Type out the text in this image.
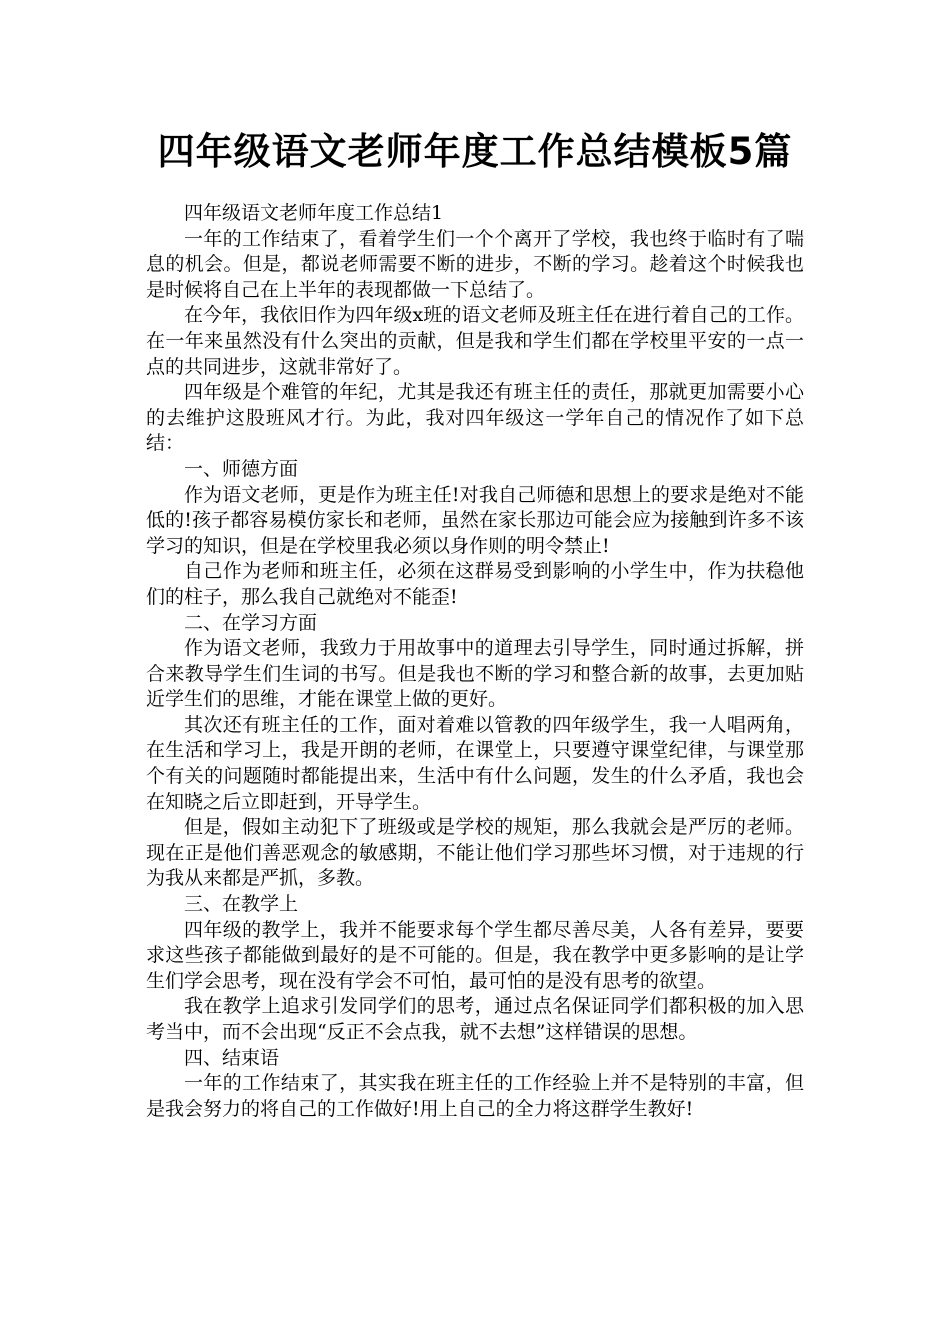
四年级语文老师年度工作总结模板5篇

四年级语文老师年度工作总结1

一年的工作结束了，看着学生们一个个离开了学校，我也终于临时有了喘息的机会。但是，都说老师需要不断的进步，不断的学习。趁着这个时候我也是时候将自己在上半年的表现都做一下总结了。

在今年，我依旧作为四年级x班的语文老师及班主任在进行着自己的工作。在一年来虽然没有什么突出的贡献，但是我和学生们都在学校里平安的一点一点的共同进步，这就非常好了。

四年级是个难管的年纪，尤其是我还有班主任的责任，那就更加需要小心的去维护这股班风才行。为此，我对四年级这一学年自己的情况作了如下总结：

一、师德方面

作为语文老师，更是作为班主任!对我自己师德和思想上的要求是绝对不能低的!孩子都容易模仿家长和老师，虽然在家长那边可能会应为接触到许多不该学习的知识，但是在学校里我必须以身作则的明令禁止!

自己作为老师和班主任，必须在这群易受到影响的小学生中，作为扶稳他们的柱子，那么我自己就绝对不能歪!

二、在学习方面

作为语文老师，我致力于用故事中的道理去引导学生，同时通过拆解，拼合来教导学生们生词的书写。但是我也不断的学习和整合新的故事，去更加贴近学生们的思维，才能在课堂上做的更好。

其次还有班主任的工作，面对着难以管教的四年级学生，我一人唱两角，在生活和学习上，我是开朗的老师，在课堂上，只要遵守课堂纪律，与课堂那个有关的问题随时都能提出来，生活中有什么问题，发生的什么矛盾，我也会在知晓之后立即赶到，开导学生。

但是，假如主动犯下了班级或是学校的规矩，那么我就会是严厉的老师。现在正是他们善恶观念的敏感期，不能让他们学习那些坏习惯，对于违规的行为我从来都是严抓，多教。

三、在教学上

四年级的教学上，我并不能要求每个学生都尽善尽美，人各有差异，要要求这些孩子都能做到最好的是不可能的。但是，我在教学中更多影响的是让学生们学会思考，现在没有学会不可怕，最可怕的是没有思考的欲望。

我在教学上追求引发同学们的思考，通过点名保证同学们都积极的加入思考当中，而不会出现“反正不会点我，就不去想”这样错误的思想。

四、结束语

一年的工作结束了，其实我在班主任的工作经验上并不是特别的丰富，但是我会努力的将自己的工作做好!用上自己的全力将这群学生教好!
